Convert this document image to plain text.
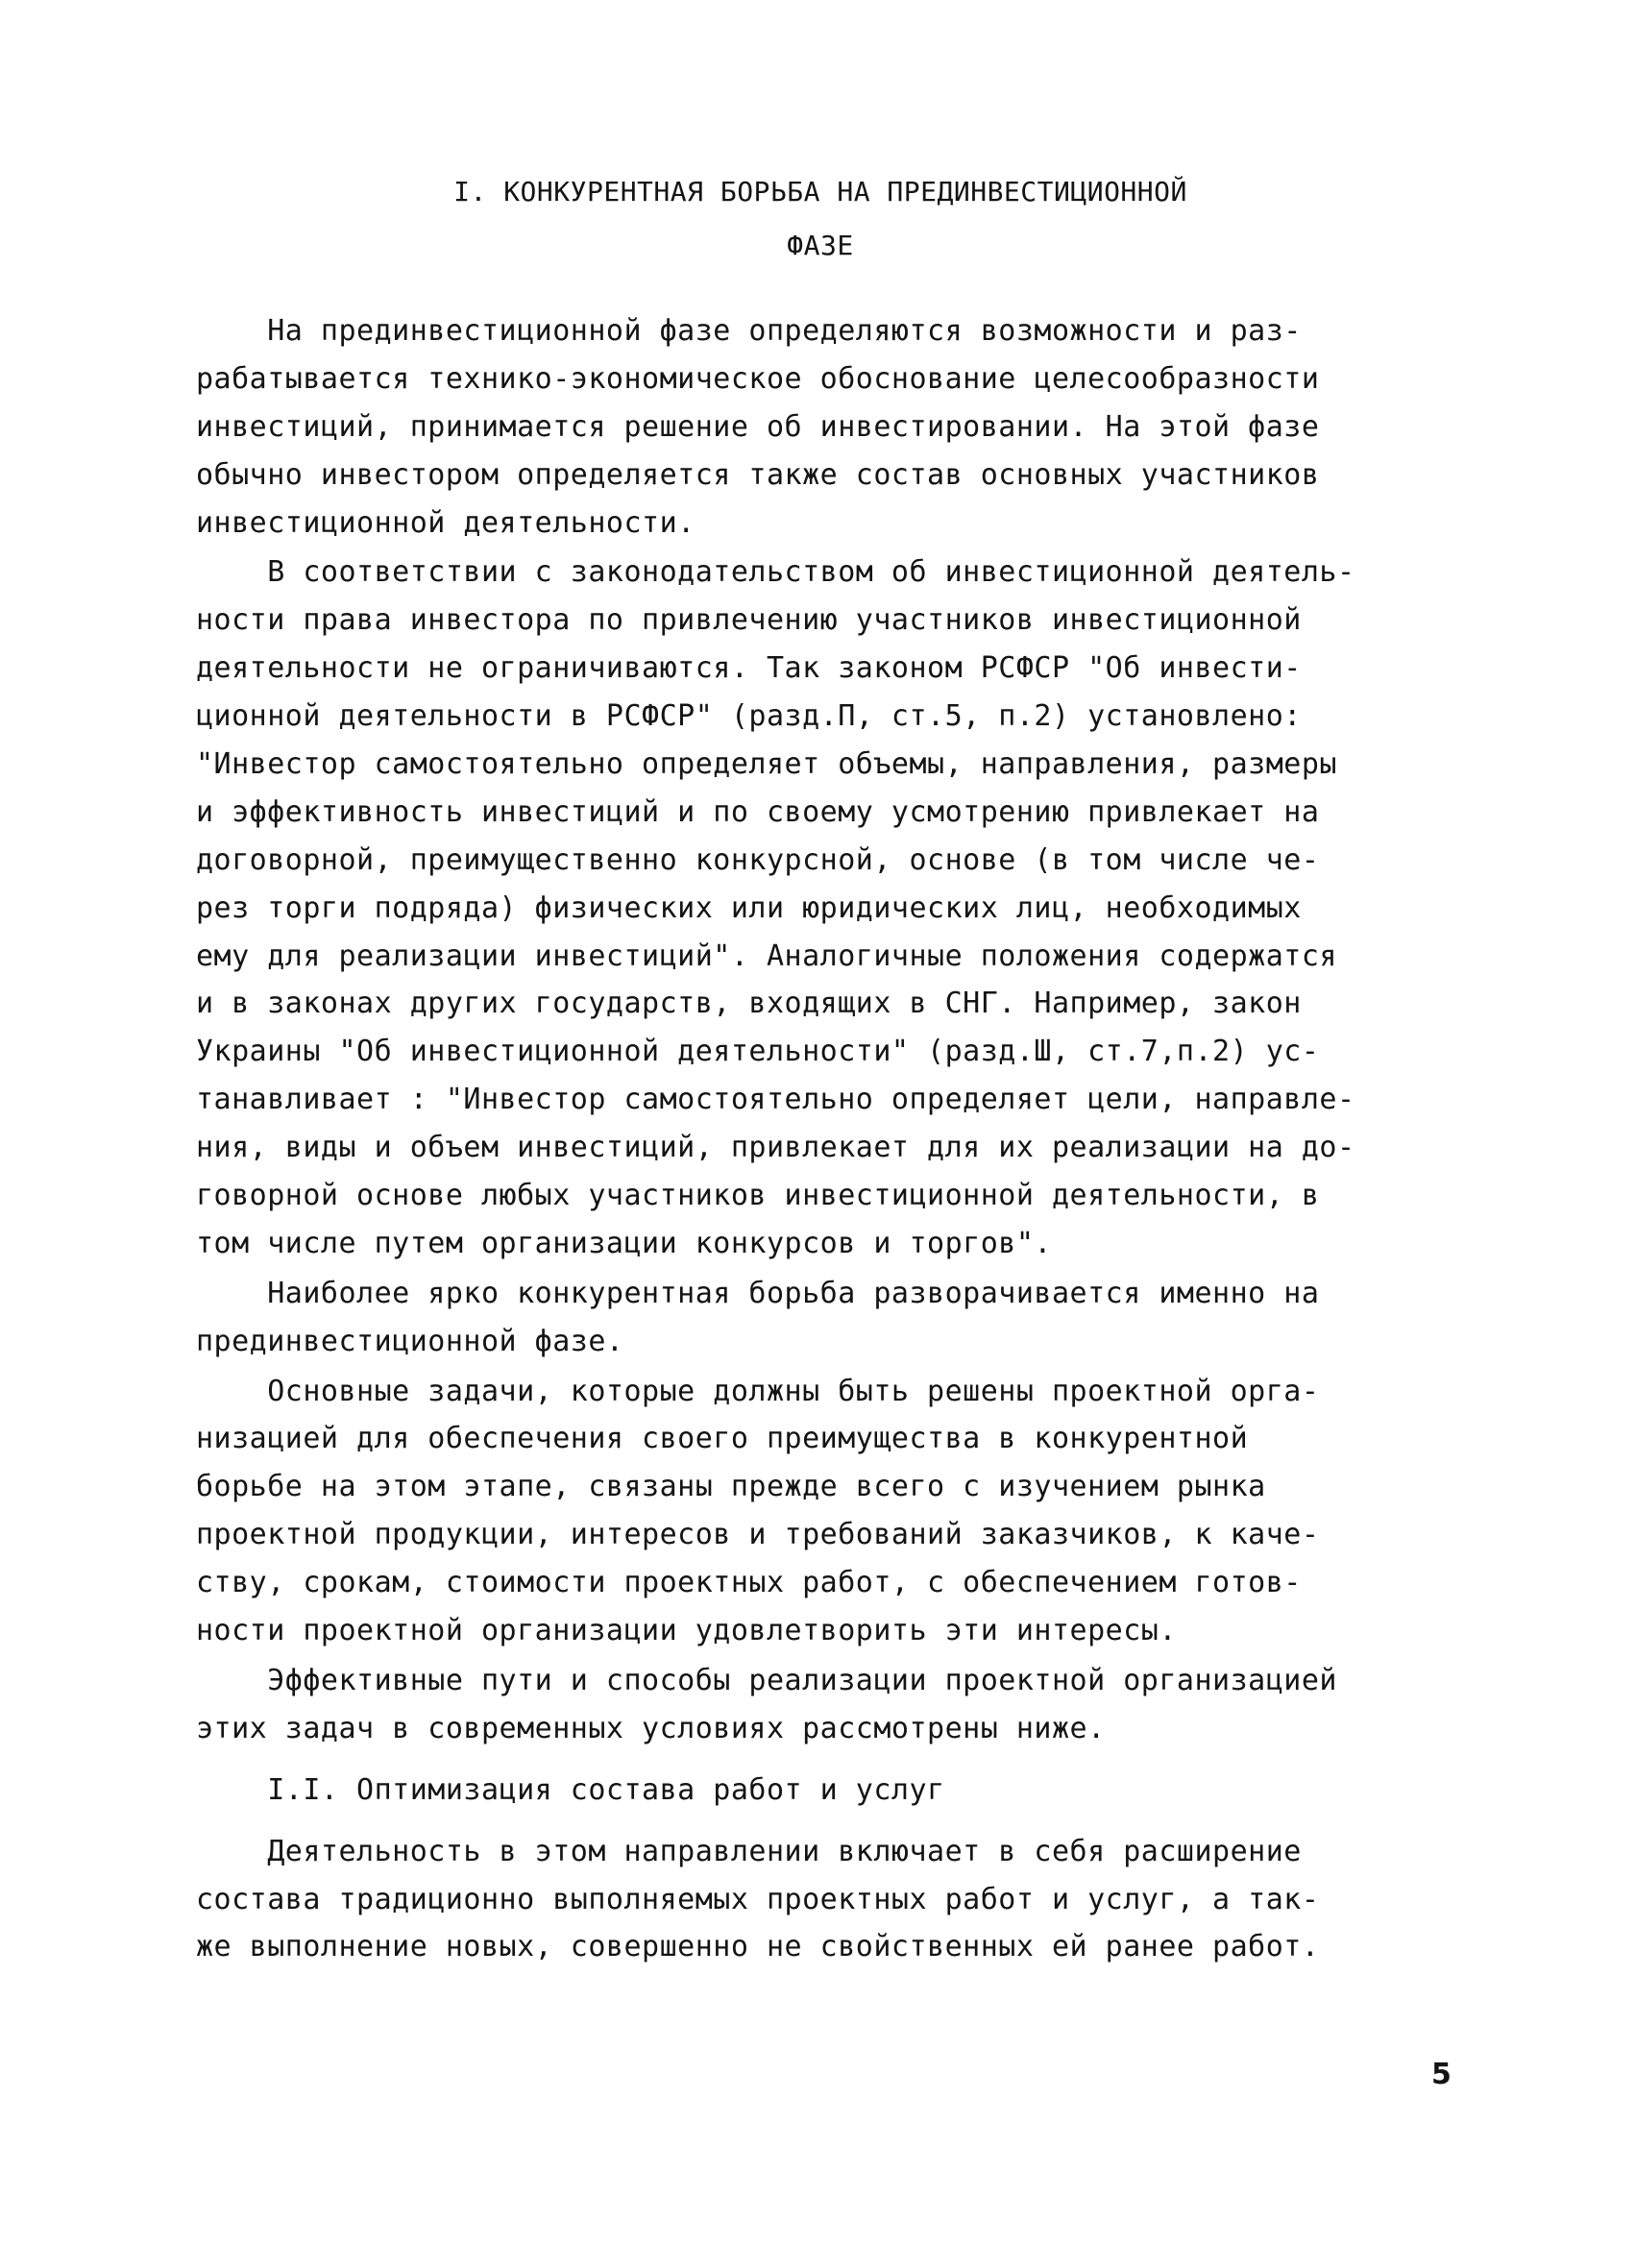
I. КОНКУРЕНТНАЯ БОРЬБА НА ПРЕДИНВЕСТИЦИОННОЙ
ФАЗЕ
На прединвестиционной фазе определяются возможности и раз-
рабатывается технико-экономическое обоснование целесообразности
инвестиций, принимается решение об инвестировании. На этой фазе
обычно инвестором определяется также состав основных участников
инвестиционной деятельности.
В соответствии с законодательством об инвестиционной деятель-
ности права инвестора по привлечению участников инвестиционной
деятельности не ограничиваются. Так законом РСФСР "Об инвести-
ционной деятельности в РСФСР" (разд.П, ст.5, п.2) установлено:
"Инвестор самостоятельно определяет объемы, направления, размеры
и эффективность инвестиций и по своему усмотрению привлекает на
договорной, преимущественно конкурсной, основе (в том числе че-
рез торги подряда) физических или юридических лиц, необходимых
ему для реализации инвестиций". Аналогичные положения содержатся
и в законах других государств, входящих в СНГ. Например, закон
Украины "Об инвестиционной деятельности" (разд.Ш, ст.7,п.2) ус-
танавливает : "Инвестор самостоятельно определяет цели, направле-
ния, виды и объем инвестиций, привлекает для их реализации на до-
говорной основе любых участников инвестиционной деятельности, в
том числе путем организации конкурсов и торгов".
Наиболее ярко конкурентная борьба разворачивается именно на
прединвестиционной фазе.
Основные задачи, которые должны быть решены проектной орга-
низацией для обеспечения своего преимущества в конкурентной
борьбе на этом этапе, связаны прежде всего с изучением рынка
проектной продукции, интересов и требований заказчиков, к каче-
ству, срокам, стоимости проектных работ, с обеспечением готов-
ности проектной организации удовлетворить эти интересы.
Эффективные пути и способы реализации проектной организацией
этих задач в современных условиях рассмотрены ниже.
I.I. Оптимизация состава работ и услуг
Деятельность в этом направлении включает в себя расширение
состава традиционно выполняемых проектных работ и услуг, а так-
же выполнение новых, совершенно не свойственных ей ранее работ.
5
